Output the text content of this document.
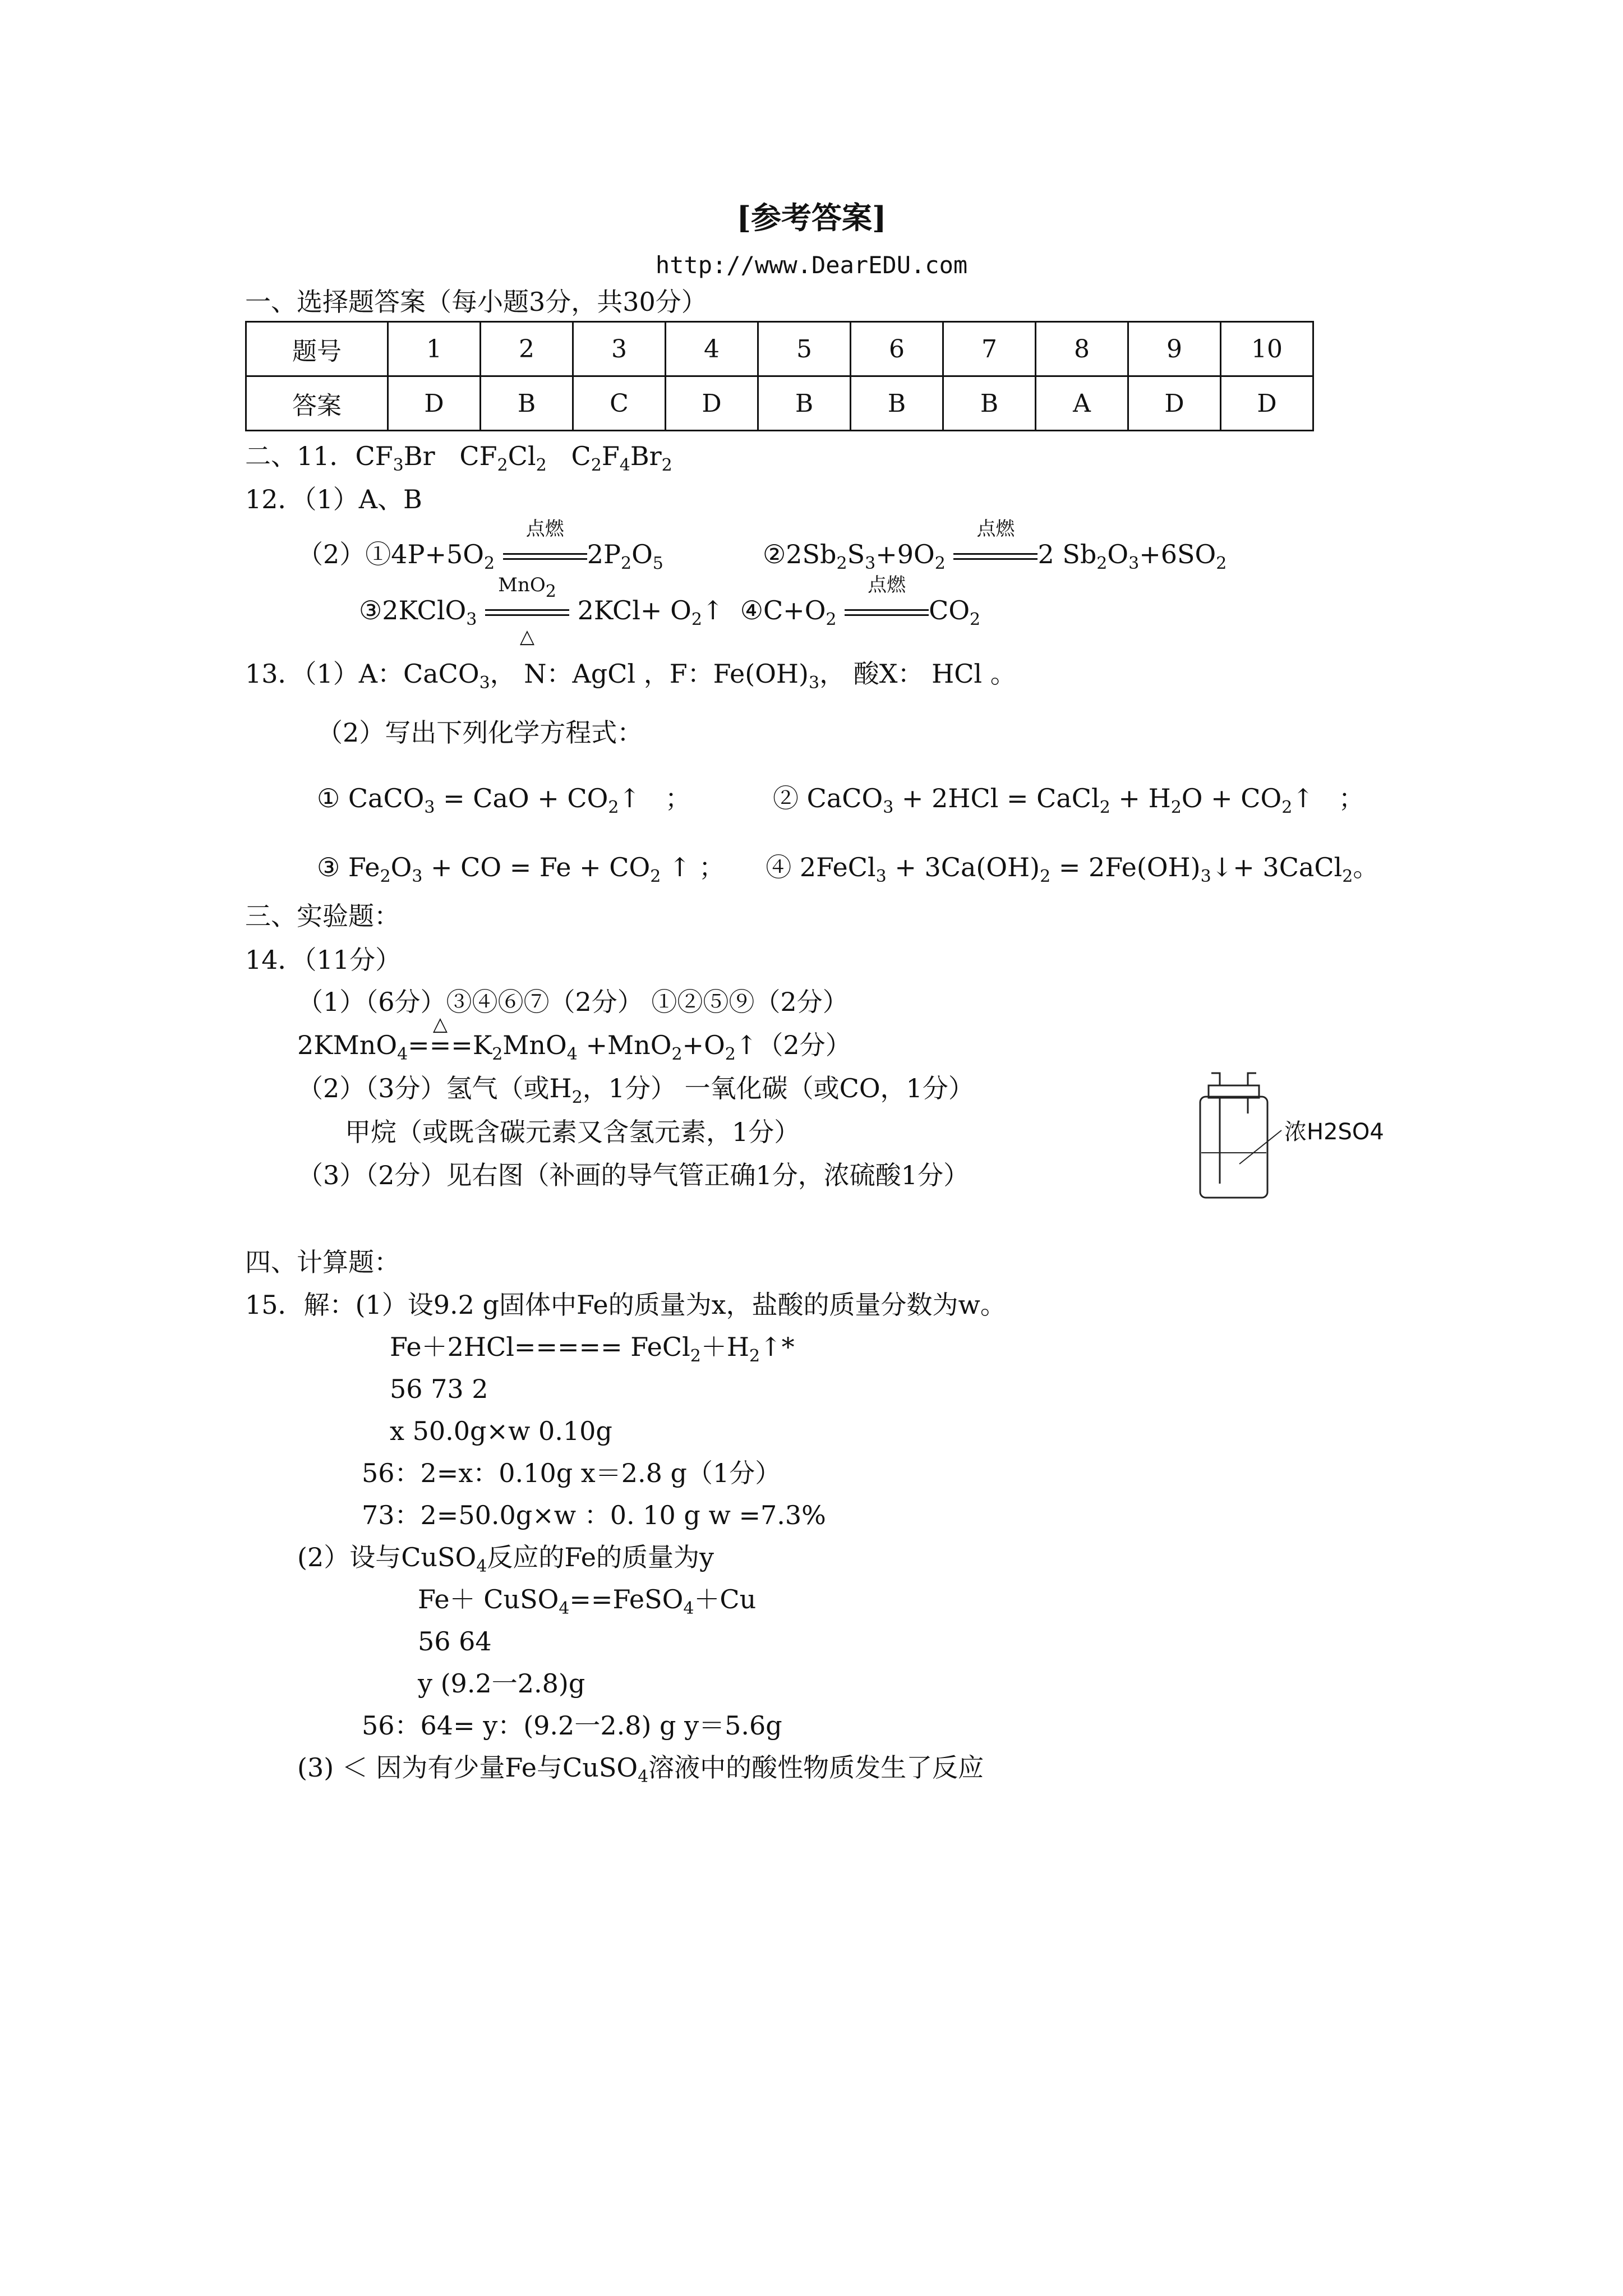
[参考答案]
http://www.DearEDU.com
一、选择题答案（每小题3分，共30分）
题号	1	2	3	4	5	6	7	8	9	10
答案	D	B	C	D	B	B	B	A	D	D
二、11．$CF_3Br$   $CF_2Cl_2$   $C_2F_4Br_2$
12．（1）A、B
$(2)①4P+5O_2$
点燃
$2P_2O_5$	$②2Sb_2S_3+9O_2$
点燃
2 $Sb_2O_3+6SO_2$
③2KClO$_3$
MnO$_2$
△
$2KCl+ O_2↑$  $④C+O_2$
点燃
$CO_2$
13．（1）A：CaCO$_3$， N：AgCl ，F：$Fe(OH)_3$， 酸X： HCl 。
（2）写出下列化学方程式：
① CaCO$_3$ = CaO + $CO_2↑$   ；          ② CaCO$_3$ + 2HCl = CaCl$_2$ + $H_2O$ + $CO_2↑$   ；
③ $Fe_2O_3$ + CO = $Fe + CO_2$ ↑ ；     ④ 2FeCl$_3$ + $3Ca(OH)_2$ = $2Fe(OH)_3↓+$ 3CaCl$_2$。
三、实验题：
14．（11分）
（1）（6分）③④⑥⑦（2分） ①②⑤⑨（2分）
2KMnO$_4$
△
$===K_2MnO_4$ $+MnO_2+O_2↑(2$分）
（2）（3分）氢气（或$H_2$，1分） 一氧化碳（或CO，1分）
甲烷（或既含碳元素又含氢元素，1分）
（3）（2分）见右图（补画的导气管正确1分，浓硫酸1分）
浓H2SO4
四、计算题：
15．解：(1）设9.2 g固体中Fe的质量为x，盐酸的质量分数为w。
$Fe+2HCl===== FeCl_2+H_2↑*$
56 73 2
x 50.0g×w 0.10g
56：2=x：0.10g x＝2.8 g（1分）
73：2=50.0g×w ：0. 10 g w =7.3%
(2）设与CuSO$_4$反应的Fe的质量为y
Fe＋ CuSO$_4$==FeSO$_4$＋Cu
56 64
y (9.2一2.8)g
56：64= y：(9.2一2.8) g y＝5.6g
(3) ＜ 因为有少量Fe与CuSO$_4$溶液中的酸性物质发生了反应
